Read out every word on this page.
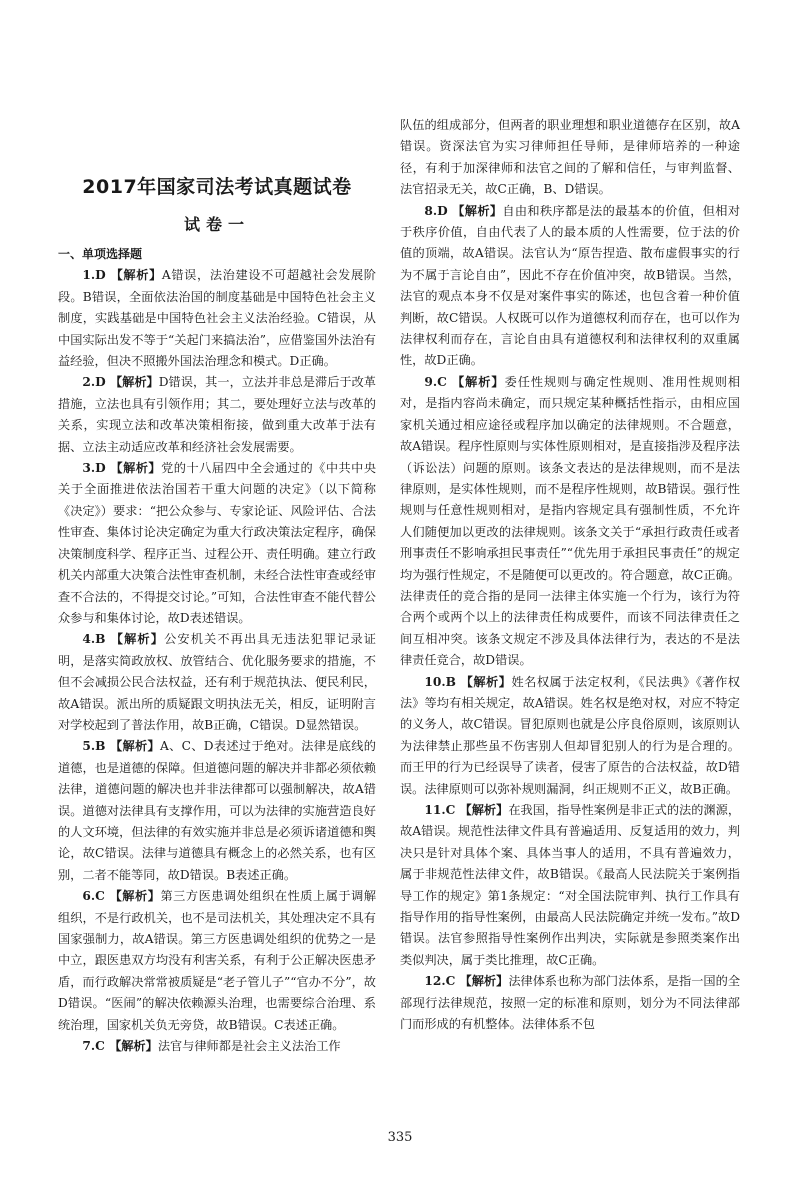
2017年国家司法考试真题试卷
试卷一
一、单项选择题

1.D 【解析】A错误，法治建设不可超越社会发展阶段。B错误，全面依法治国的制度基础是中国特色社会主义制度，实践基础是中国特色社会主义法治经验。C错误，从中国实际出发不等于“关起门来搞法治”，应借鉴国外法治有益经验，但决不照搬外国法治理念和模式。D正确。

2.D 【解析】D错误，其一，立法并非总是滞后于改革措施，立法也具有引领作用；其二，要处理好立法与改革的关系，实现立法和改革决策相衔接，做到重大改革于法有据、立法主动适应改革和经济社会发展需要。

3.D 【解析】党的十八届四中全会通过的《中共中央关于全面推进依法治国若干重大问题的决定》（以下简称《决定》）要求：“把公众参与、专家论证、风险评估、合法性审查、集体讨论决定确定为重大行政决策法定程序，确保决策制度科学、程序正当、过程公开、责任明确。建立行政机关内部重大决策合法性审查机制，未经合法性审查或经审查不合法的，不得提交讨论。”可知，合法性审查不能代替公众参与和集体讨论，故D表述错误。

4.B 【解析】公安机关不再出具无违法犯罪记录证明，是落实简政放权、放管结合、优化服务要求的措施，不但不会减损公民合法权益，还有利于规范执法、便民利民，故A错误。派出所的质疑跟文明执法无关，相反，证明附言对学校起到了普法作用，故B正确，C错误。D显然错误。

5.B 【解析】A、C、D表述过于绝对。法律是底线的道德，也是道德的保障。但道德问题的解决并非都必须依赖法律，道德问题的解决也并非法律都可以强制解决，故A错误。道德对法律具有支撑作用，可以为法律的实施营造良好的人文环境，但法律的有效实施并非总是必须诉诸道德和舆论，故C错误。法律与道德具有概念上的必然关系，也有区别，二者不能等同，故D错误。B表述正确。

6.C 【解析】第三方医患调处组织在性质上属于调解组织，不是行政机关，也不是司法机关，其处理决定不具有国家强制力，故A错误。第三方医患调处组织的优势之一是中立，跟医患双方均没有利害关系，有利于公正解决医患矛盾，而行政解决常常被质疑是“老子管儿子”“官办不分”，故D错误。“医闹”的解决依赖源头治理，也需要综合治理、系统治理，国家机关负无旁贷，故B错误。C表述正确。

7.C 【解析】法官与律师都是社会主义法治工作

队伍的组成部分，但两者的职业理想和职业道德存在区别，故A错误。资深法官为实习律师担任导师，是律师培养的一种途径，有利于加深律师和法官之间的了解和信任，与审判监督、法官招录无关，故C正确，B、D错误。

8.D 【解析】自由和秩序都是法的最基本的价值，但相对于秩序价值，自由代表了人的最本质的人性需要，位于法的价值的顶端，故A错误。法官认为“原告捏造、散布虚假事实的行为不属于言论自由”，因此不存在价值冲突，故B错误。当然，法官的观点本身不仅是对案件事实的陈述，也包含着一种价值判断，故C错误。人权既可以作为道德权利而存在，也可以作为法律权利而存在，言论自由具有道德权利和法律权利的双重属性，故D正确。

9.C 【解析】委任性规则与确定性规则、准用性规则相对，是指内容尚未确定，而只规定某种概括性指示，由相应国家机关通过相应途径或程序加以确定的法律规则。不合题意，故A错误。程序性原则与实体性原则相对，是直接指涉及程序法（诉讼法）问题的原则。该条文表达的是法律规则，而不是法律原则，是实体性规则，而不是程序性规则，故B错误。强行性规则与任意性规则相对，是指内容规定具有强制性质，不允许人们随便加以更改的法律规则。该条文关于“承担行政责任或者刑事责任不影响承担民事责任”“优先用于承担民事责任”的规定均为强行性规定，不是随便可以更改的。符合题意，故C正确。法律责任的竞合指的是同一法律主体实施一个行为，该行为符合两个或两个以上的法律责任构成要件，而该不同法律责任之间互相冲突。该条文规定不涉及具体法律行为，表达的不是法律责任竞合，故D错误。

10.B 【解析】姓名权属于法定权利，《民法典》《著作权法》等均有相关规定，故A错误。姓名权是绝对权，对应不特定的义务人，故C错误。冒犯原则也就是公序良俗原则，该原则认为法律禁止那些虽不伤害别人但却冒犯别人的行为是合理的。而王甲的行为已经误导了读者，侵害了原告的合法权益，故D错误。法律原则可以弥补规则漏洞，纠正规则不正义，故B正确。

11.C 【解析】在我国，指导性案例是非正式的法的渊源，故A错误。规范性法律文件具有普遍适用、反复适用的效力，判决只是针对具体个案、具体当事人的适用，不具有普遍效力，属于非规范性法律文件，故B错误。《最高人民法院关于案例指导工作的规定》第1条规定：“对全国法院审判、执行工作具有指导作用的指导性案例，由最高人民法院确定并统一发布。”故D错误。法官参照指导性案例作出判决，实际就是参照类案作出类似判决，属于类比推理，故C正确。

12.C 【解析】法律体系也称为部门法体系，是指一国的全部现行法律规范，按照一定的标准和原则，划分为不同法律部门而形成的有机整体。法律体系不包

335
